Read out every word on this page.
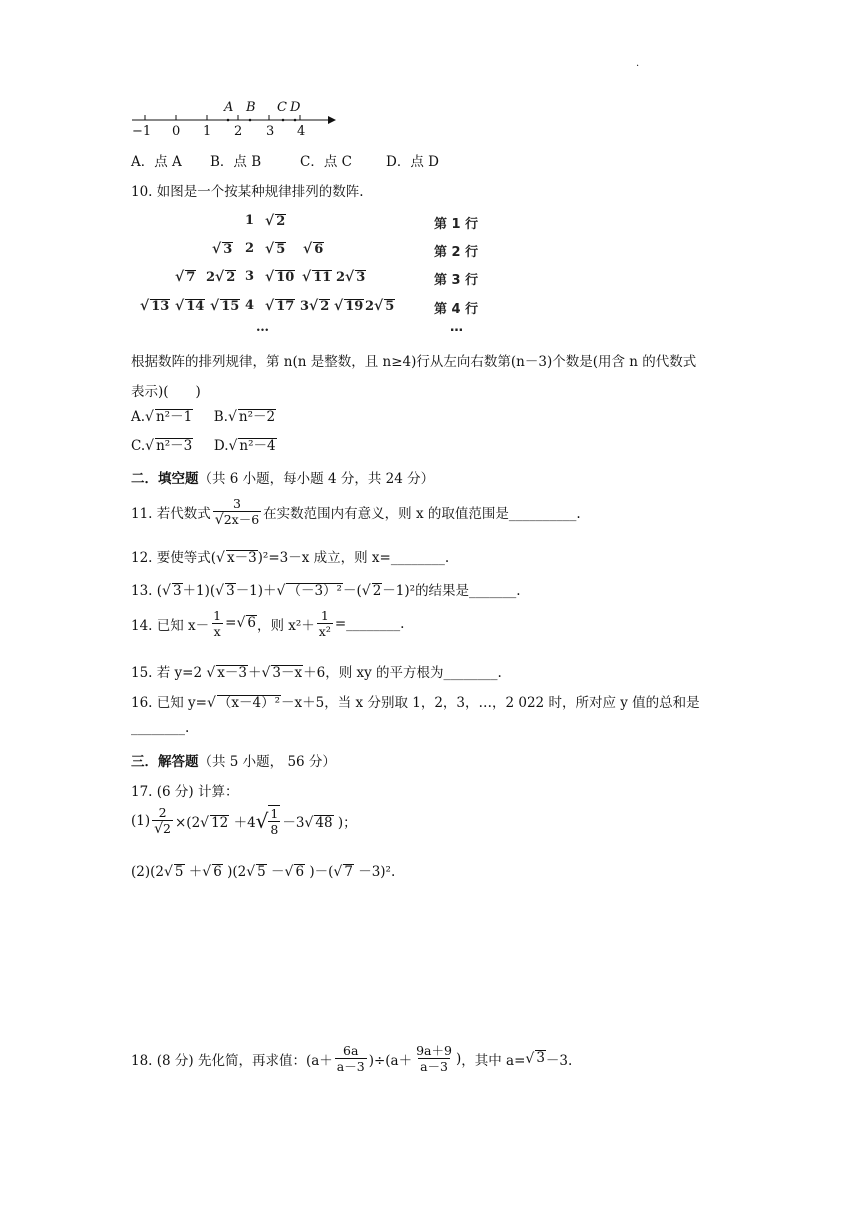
.
−1 0 1 2 3 4
A B C D
A．点 A B．点 B	C．点 C	D．点 D
10. 如图是一个按某种规律排列的数阵.
1 √ 2
√ 3 2 √ 5 √ 6
√ 7 2√ 2 3 √ 10 √ 11 2√ 3
√ 13 √ 14 √ 15 4 √ 17 3√ 2 √ 19 2√ 5
…
第 1 行
第 2 行
第 3 行
第 4 行
…
根据数阵的排列规律，第 n(n 是整数，且 n≥4)行从左向右数第(n－3)个数是(用含 n 的代数式
表示)(　　)
A.√ n²－1 B.√ n²－2
C.√ n²－3 D.√ n²－4
二．填空题（共 6 小题，每小题 4 分，共 24 分）
11. 若代数式 $\frac{3}{√2x-6}$ 在实数范围内有意义，则 x 的取值范围是__________.
12. 要使等式(√ x－3)²=3－x 成立，则 x=________.
13. (√ 3＋1)(√ 3－1)＋√ （－3）²－(√ 2－1)²的结果是_______.
14. 已知 $x- \frac{1}{x}$ =√ 6 ，则 $x^2+ \frac{1}{\text{x²}}$ =________.
15. 若 y=2 √ x－3＋√ 3－x＋6，则 xy 的平方根为________.
16. 已知 y=√ （x－4）²－x＋5，当 x 分别取 1，2，3，…，2 022 时，所对应 y 值的总和是
________.
三．解答题（共 5 小题， 56 分）
17. (6 分) 计算：
$(1) \frac{2}{√2} \times(2√$ 12 ＋4 √ $\frac{1}{8} -3√$ 48 )；
(2)(2√ 5 ＋√ 6 )(2√ 5 －√ 6 )－(√ 7 －3)².
18. (8 分) 先化简，再求值：$(a+ \frac{6a}{a-3} )\div(a+ \frac{9a+9}{a-3}$ ) ，其中 a= √ 3 －3.
